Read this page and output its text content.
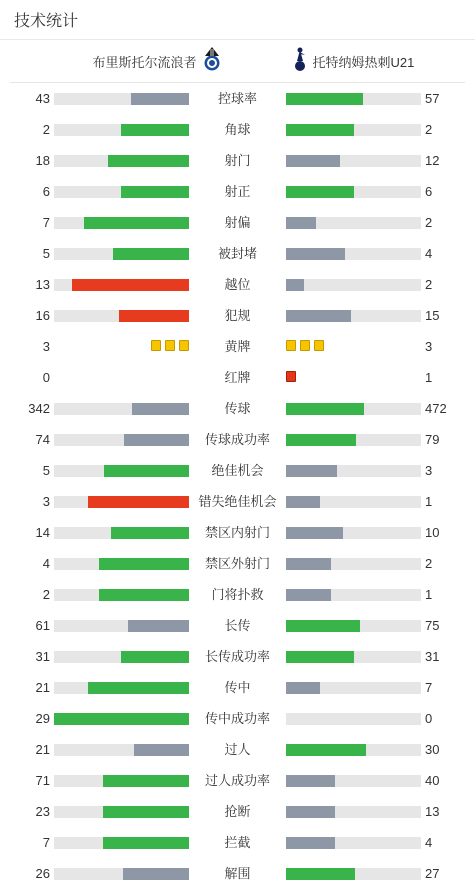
技术统计
布里斯托尔流浪者	托特纳姆热刺U21
43	控球率	57
2	角球	2
18	射门	12
6	射正	6
7	射偏	2
5	被封堵	4
13	越位	2
16	犯规	15
3	黄牌	3
0	红牌	1
342	传球	472
74	传球成功率	79
5	绝佳机会	3
3	错失绝佳机会	1
14	禁区内射门	10
4	禁区外射门	2
2	门将扑救	1
61	长传	75
31	长传成功率	31
21	传中	7
29	传中成功率	0
21	过人	30
71	过人成功率	40
23	抢断	13
7	拦截	4
26	解围	27
